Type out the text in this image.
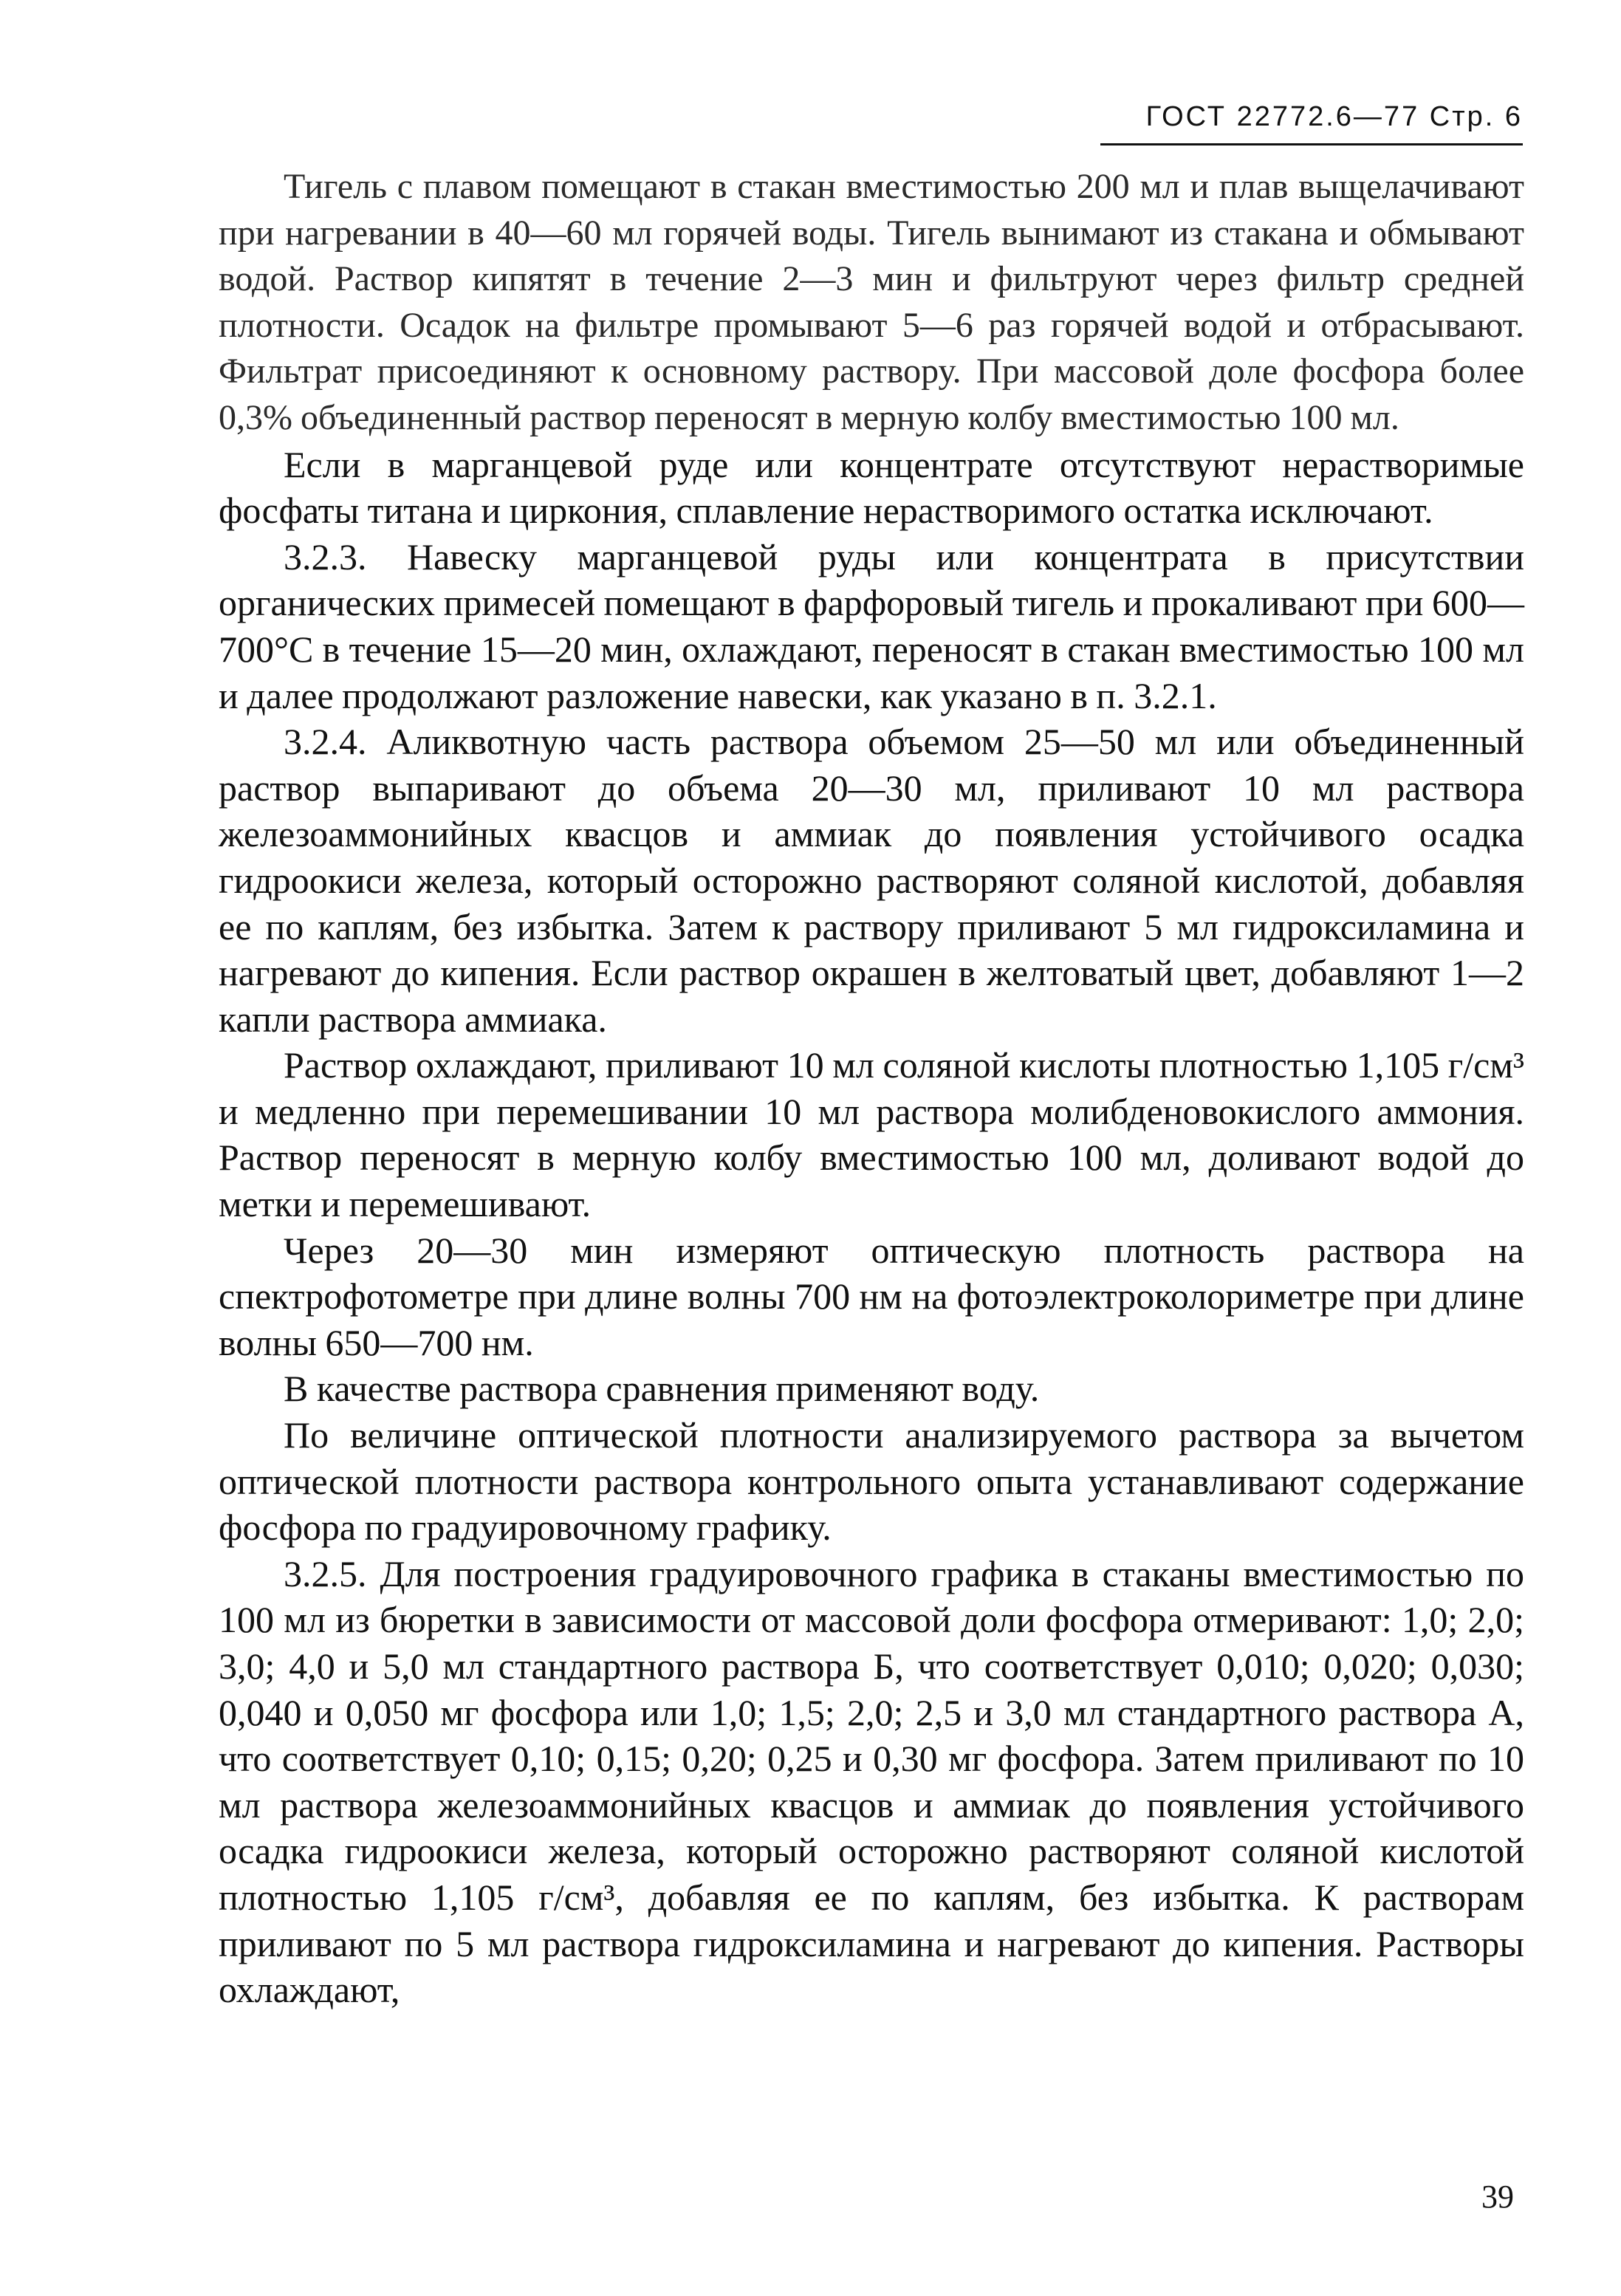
ГОСТ 22772.6—77 Стр. 6

Тигель с плавом помещают в стакан вместимостью 200 мл и плав выщелачивают при нагревании в 40—60 мл горячей воды. Тигель вынимают из стакана и обмывают водой. Раствор кипятят в течение 2—3 мин и фильтруют через фильтр средней плотности. Осадок на фильтре промывают 5—6 раз горячей водой и отбрасывают. Фильтрат присоединяют к основному раствору. При массовой доле фосфора более 0,3% объединенный раствор переносят в мерную колбу вместимостью 100 мл.

Если в марганцевой руде или концентрате отсутствуют нерастворимые фосфаты титана и циркония, сплавление нерастворимого остатка исключают.

3.2.3. Навеску марганцевой руды или концентрата в присутствии органических примесей помещают в фарфоровый тигель и прокаливают при 600—700°С в течение 15—20 мин, охлаждают, переносят в стакан вместимостью 100 мл и далее продолжают разложение навески, как указано в п. 3.2.1.

3.2.4. Аликвотную часть раствора объемом 25—50 мл или объединенный раствор выпаривают до объема 20—30 мл, приливают 10 мл раствора железоаммонийных квасцов и аммиак до появления устойчивого осадка гидроокиси железа, который осторожно растворяют соляной кислотой, добавляя ее по каплям, без избытка. Затем к раствору приливают 5 мл гидроксиламина и нагревают до кипения. Если раствор окрашен в желтоватый цвет, добавляют 1—2 капли раствора аммиака.

Раствор охлаждают, приливают 10 мл соляной кислоты плотностью 1,105 г/см³ и медленно при перемешивании 10 мл раствора молибденовокислого аммония. Раствор переносят в мерную колбу вместимостью 100 мл, доливают водой до метки и перемешивают.

Через 20—30 мин измеряют оптическую плотность раствора на спектрофотометре при длине волны 700 нм на фотоэлектроколориметре при длине волны 650—700 нм.

В качестве раствора сравнения применяют воду.

По величине оптической плотности анализируемого раствора за вычетом оптической плотности раствора контрольного опыта устанавливают содержание фосфора по градуировочному графику.

3.2.5. Для построения градуировочного графика в стаканы вместимостью по 100 мл из бюретки в зависимости от массовой доли фосфора отмеривают: 1,0; 2,0; 3,0; 4,0 и 5,0 мл стандартного раствора Б, что соответствует 0,010; 0,020; 0,030; 0,040 и 0,050 мг фосфора или 1,0; 1,5; 2,0; 2,5 и 3,0 мл стандартного раствора А, что соответствует 0,10; 0,15; 0,20; 0,25 и 0,30 мг фосфора. Затем приливают по 10 мл раствора железоаммонийных квасцов и аммиак до появления устойчивого осадка гидроокиси железа, который осторожно растворяют соляной кислотой плотностью 1,105 г/см³, добавляя ее по каплям, без избытка. К растворам приливают по 5 мл раствора гидроксиламина и нагревают до кипения. Растворы охлаждают,

39
